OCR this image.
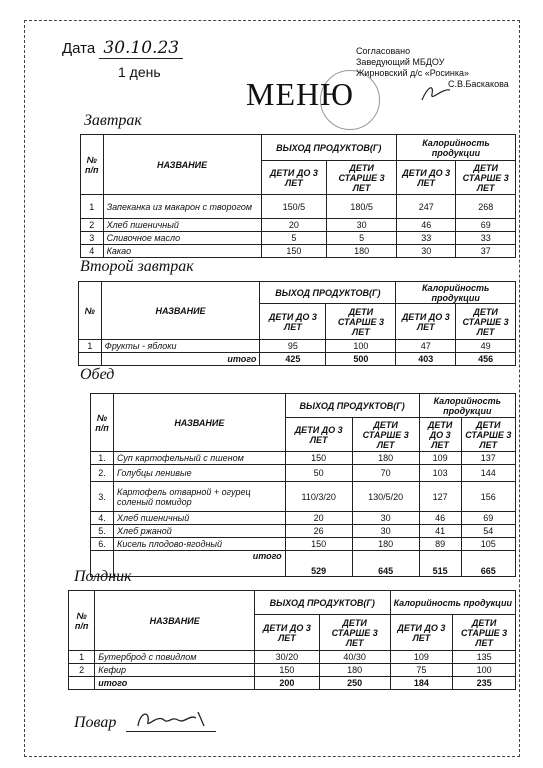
Дата 30.10.23
1 день
МЕНЮ
Согласовано
Заведующий МБДОУ
Жирновский д/с «Росинка»
С.В.Баскакова
Завтрак
№ п/п	НАЗВАНИЕ	ВЫХОД ПРОДУКТОВ(Г)		Калорийность продукции	
		ДЕТИ ДО 3 ЛЕТ	ДЕТИ СТАРШЕ 3 ЛЕТ	ДЕТИ ДО 3 ЛЕТ	ДЕТИ СТАРШЕ 3 ЛЕТ
1	Запеканка из макарон с творогом	150/5	180/5	247	268
2	Хлеб пшеничный	20	30	46	69
3	Сливочное масло	5	5	33	33
4	Какао	150	180	30	37
Второй завтрак
№	НАЗВАНИЕ	ВЫХОД ПРОДУКТОВ(Г)		Калорийность продукции	
		ДЕТИ ДО 3 ЛЕТ	ДЕТИ СТАРШЕ 3 ЛЕТ	ДЕТИ ДО 3 ЛЕТ	ДЕТИ СТАРШЕ 3 ЛЕТ
1	Фрукты - яблоки	95	100	47	49
	итого	425	500	403	456
Обед
№ п/п	НАЗВАНИЕ	ВЫХОД ПРОДУКТОВ(Г)		Калорийность продукции	
		ДЕТИ ДО 3 ЛЕТ	ДЕТИ СТАРШЕ 3 ЛЕТ	ДЕТИ ДО 3 ЛЕТ	ДЕТИ СТАРШЕ 3 ЛЕТ
1.	Суп картофельный с пшеном	150	180	109	137
2.	Голубцы ленивые	50	70	103	144
3.	Картофель отварной + огурец соленый помидор	110/3/20	130/5/20	127	156
4.	Хлеб пшеничный	20	30	46	69
5.	Хлеб ржаной	26	30	41	54
6.	Кисель плодово-ягодный	150	180	89	105
	итого	529	645	515	665
Полдник
№ п/п	НАЗВАНИЕ	ВЫХОД ПРОДУКТОВ(Г)		Калорийность продукции	
		ДЕТИ ДО 3 ЛЕТ	ДЕТИ СТАРШЕ 3 ЛЕТ	ДЕТИ ДО 3 ЛЕТ	ДЕТИ СТАРШЕ 3 ЛЕТ
1	Бутерброд с повидлом	30/20	40/30	109	135
2	Кефир	150	180	75	100
	итого	200	250	184	235
Повар
